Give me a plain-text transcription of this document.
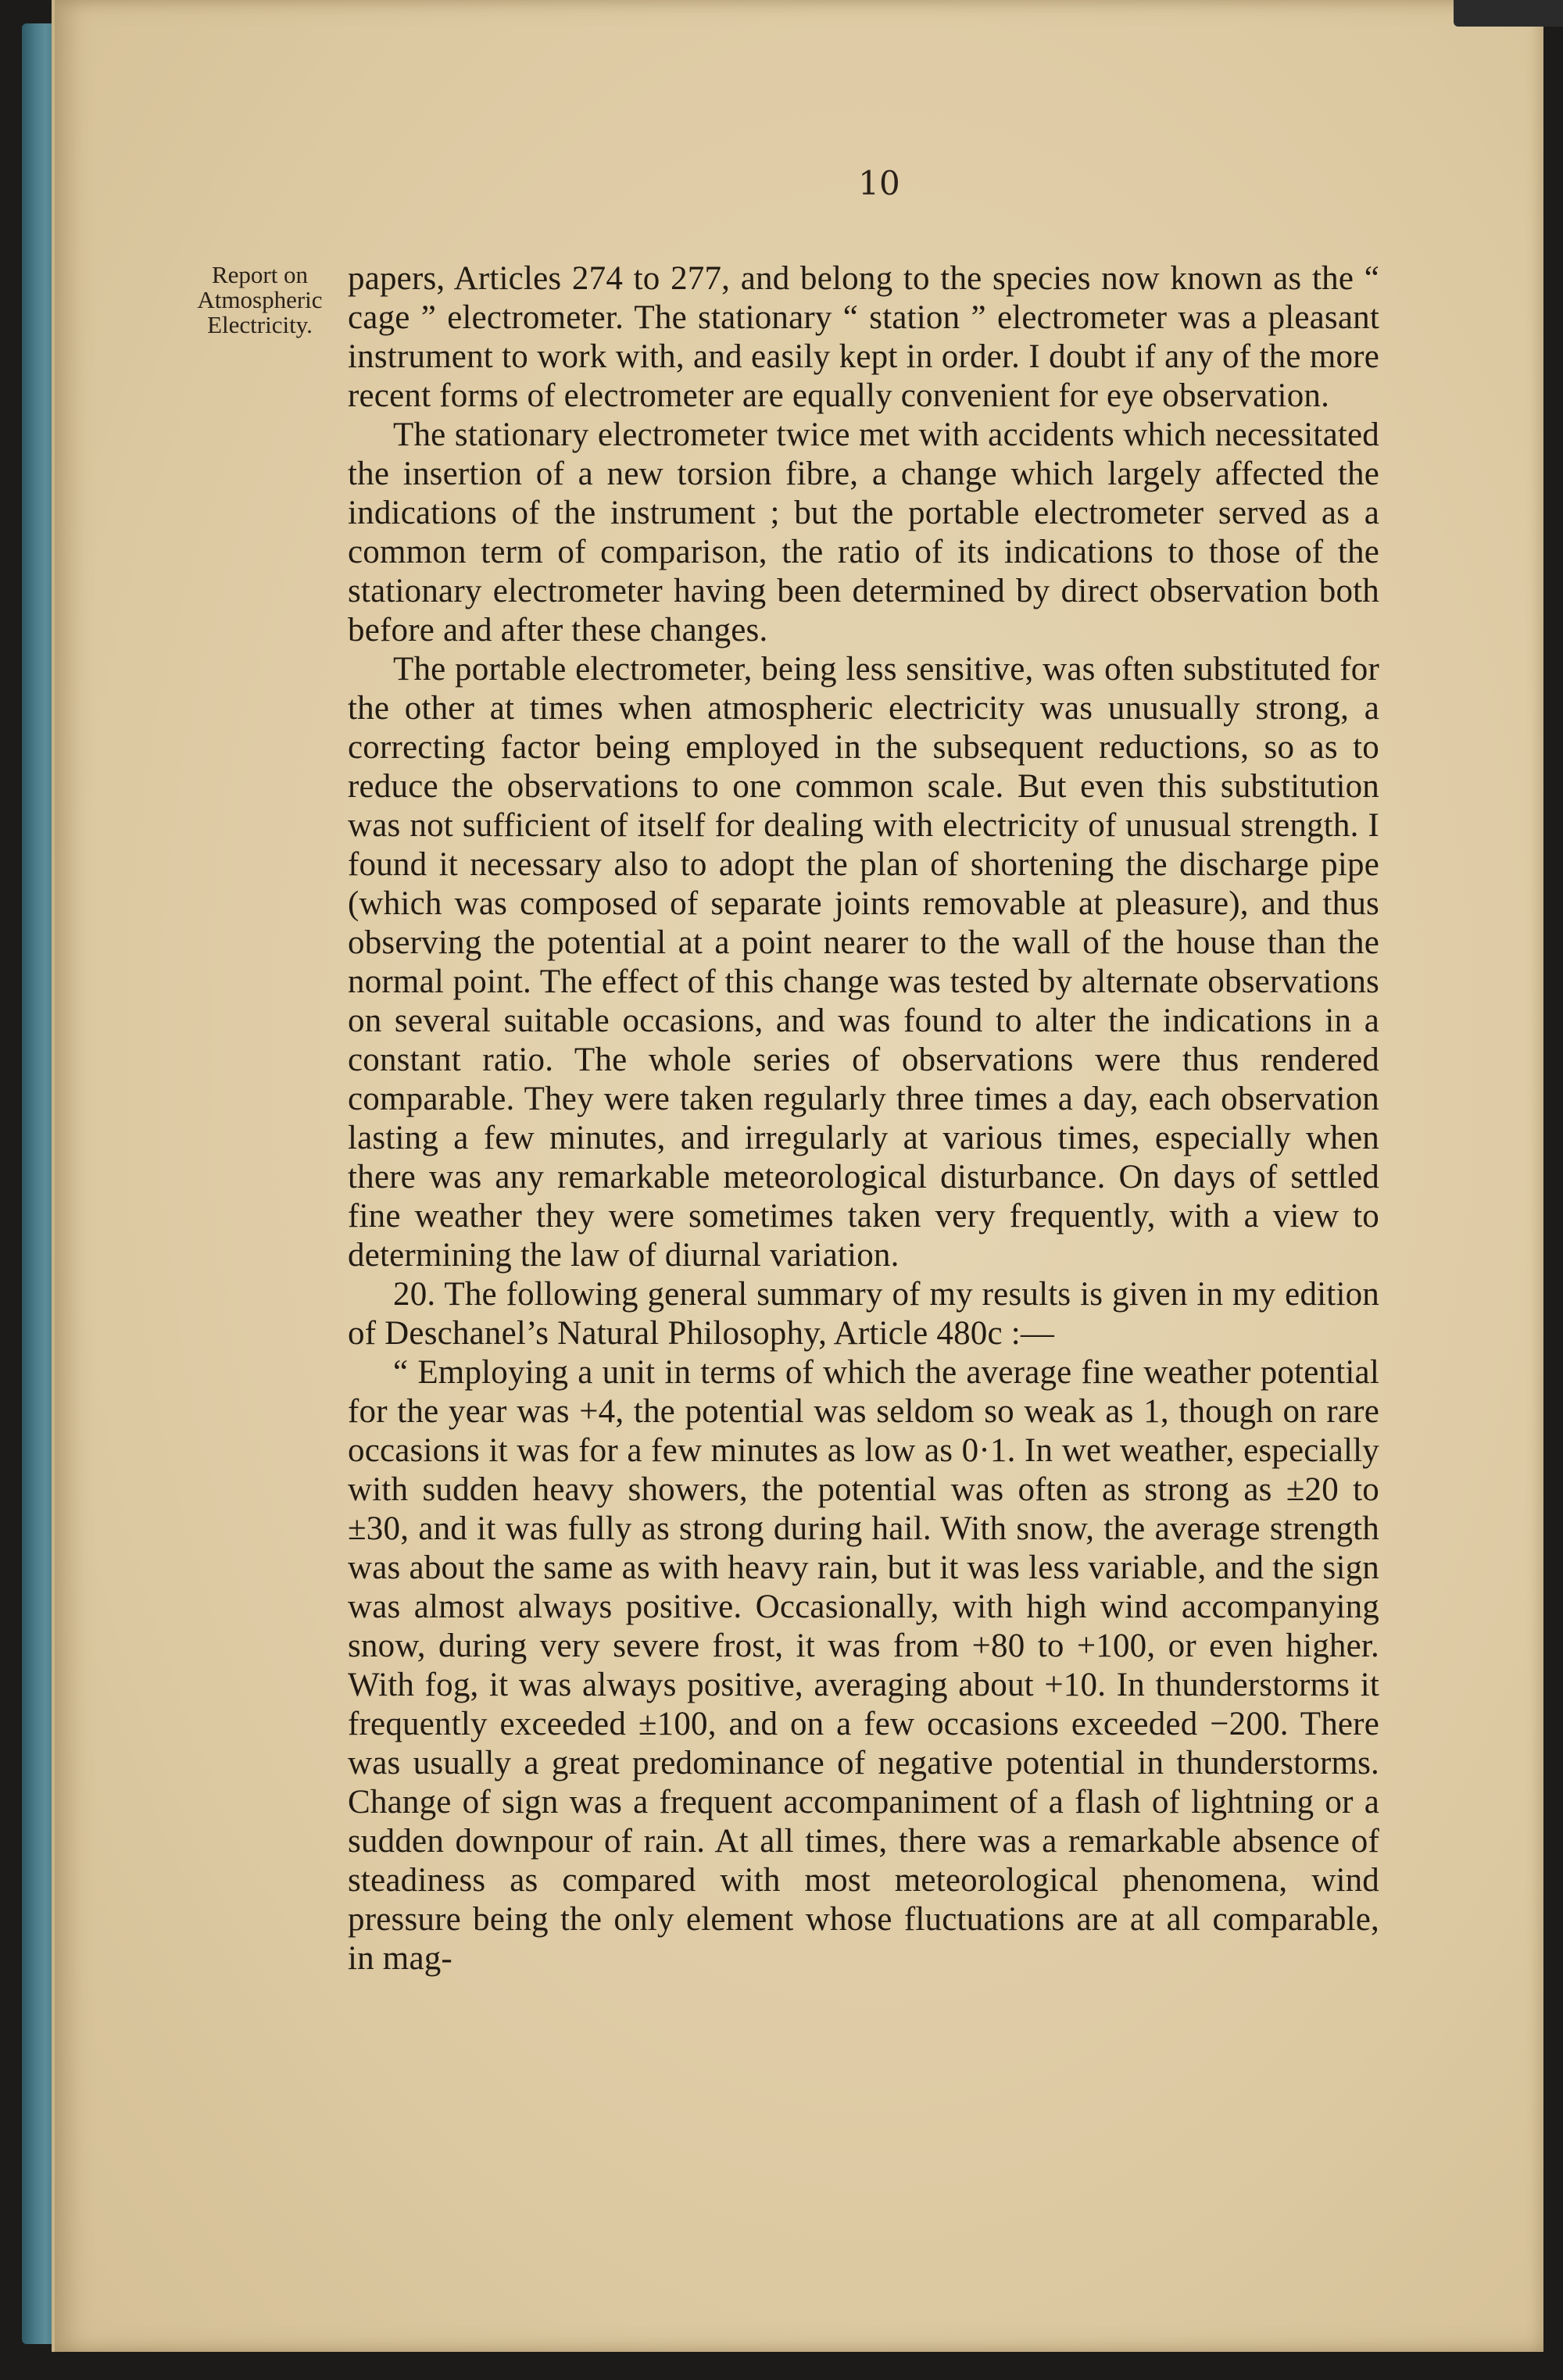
10
Report on
Atmospheric
Electricity.

papers, Articles 274 to 277, and belong to the species now known as the “ cage ” electrometer. The stationary “ station ” electrometer was a pleasant instrument to work with, and easily kept in order. I doubt if any of the more recent forms of electrometer are equally convenient for eye observation.

The stationary electrometer twice met with accidents which necessitated the insertion of a new torsion fibre, a change which largely affected the indications of the instrument ; but the portable electrometer served as a common term of comparison, the ratio of its indications to those of the stationary electrometer having been determined by direct observation both before and after these changes.

The portable electrometer, being less sensitive, was often substituted for the other at times when atmospheric electricity was unusually strong, a correcting factor being employed in the subsequent reductions, so as to reduce the observations to one common scale. But even this substitution was not sufficient of itself for dealing with electricity of unusual strength. I found it necessary also to adopt the plan of shortening the discharge pipe (which was composed of separate joints removable at pleasure), and thus observing the potential at a point nearer to the wall of the house than the normal point. The effect of this change was tested by alternate observations on several suitable occasions, and was found to alter the indications in a constant ratio. The whole series of observations were thus rendered comparable. They were taken regularly three times a day, each observation lasting a few minutes, and irregularly at various times, especially when there was any remarkable meteorological disturbance. On days of settled fine weather they were sometimes taken very frequently, with a view to determining the law of diurnal variation.

20. The following general summary of my results is given in my edition of Deschanel’s Natural Philosophy, Article 480c :—

“ Employing a unit in terms of which the average fine weather potential for the year was +4, the potential was seldom so weak as 1, though on rare occasions it was for a few minutes as low as 0·1. In wet weather, especially with sudden heavy showers, the potential was often as strong as ±20 to ±30, and it was fully as strong during hail. With snow, the average strength was about the same as with heavy rain, but it was less variable, and the sign was almost always positive. Occasionally, with high wind accompanying snow, during very severe frost, it was from +80 to +100, or even higher. With fog, it was always positive, averaging about +10. In thunderstorms it frequently exceeded ±100, and on a few occasions exceeded −200. There was usually a great predominance of negative potential in thunderstorms. Change of sign was a frequent accompaniment of a flash of lightning or a sudden downpour of rain. At all times, there was a remarkable absence of steadiness as compared with most meteorological phenomena, wind pressure being the only element whose fluctuations are at all comparable, in mag-
